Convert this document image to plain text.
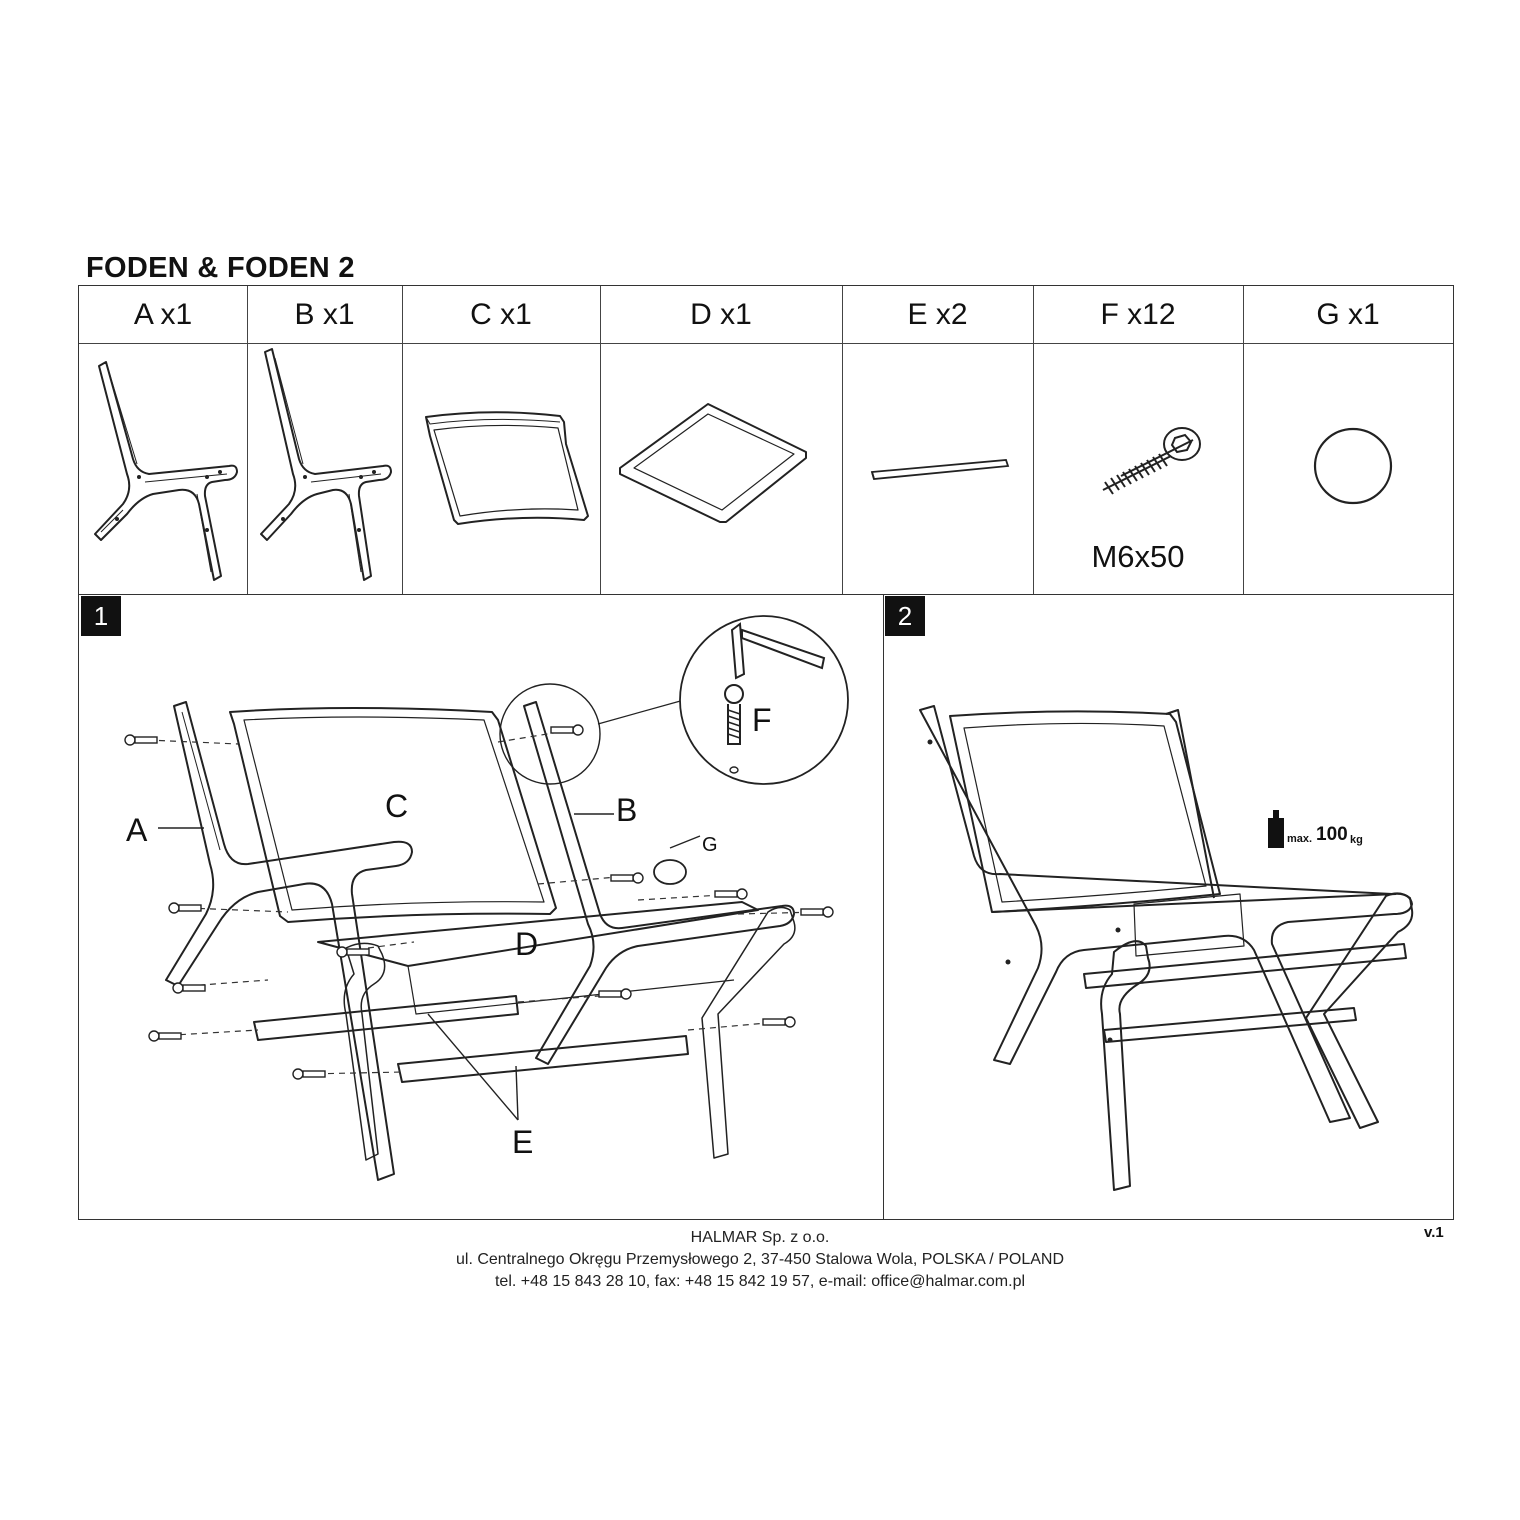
FODEN & FODEN 2
A x1	B x1	C x1	D x1	E x2	F x12	G x1
M6x50
1	2
A
B
C
D
E
F
G	max. 100 kg
HALMAR Sp. z o.o.
ul. Centralnego Okręgu Przemysłowego 2, 37-450 Stalowa Wola, POLSKA / POLAND
tel. +48 15 843 28 10, fax: +48 15 842 19 57, e-mail: office@halmar.com.pl
v.1
